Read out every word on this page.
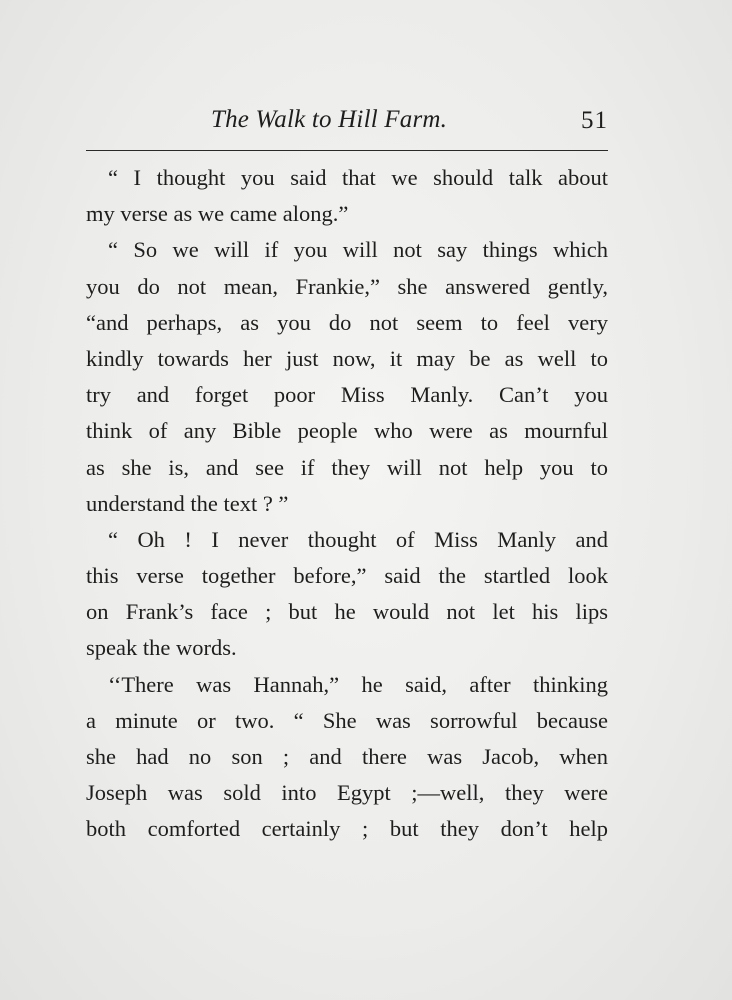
The Walk to Hill Farm.	51
“ I thought you said that we should talk about
my verse as we came along.”
“ So we will if you will not say things which
you do not mean, Frankie,” she answered gently,
“and perhaps, as you do not seem to feel very
kindly towards her just now, it may be as well to
try and forget poor Miss Manly. Can’t you
think of any Bible people who were as mournful
as she is, and see if they will not help you to
understand the text ? ”
“ Oh ! I never thought of Miss Manly and
this verse together before,” said the startled look
on Frank’s face ; but he would not let his lips
speak the words.
‘‘There was Hannah,” he said, after thinking
a minute or two. “ She was sorrowful because
she had no son ; and there was Jacob, when
Joseph was sold into Egypt ;—well, they were
both comforted certainly ; but they don’t help
